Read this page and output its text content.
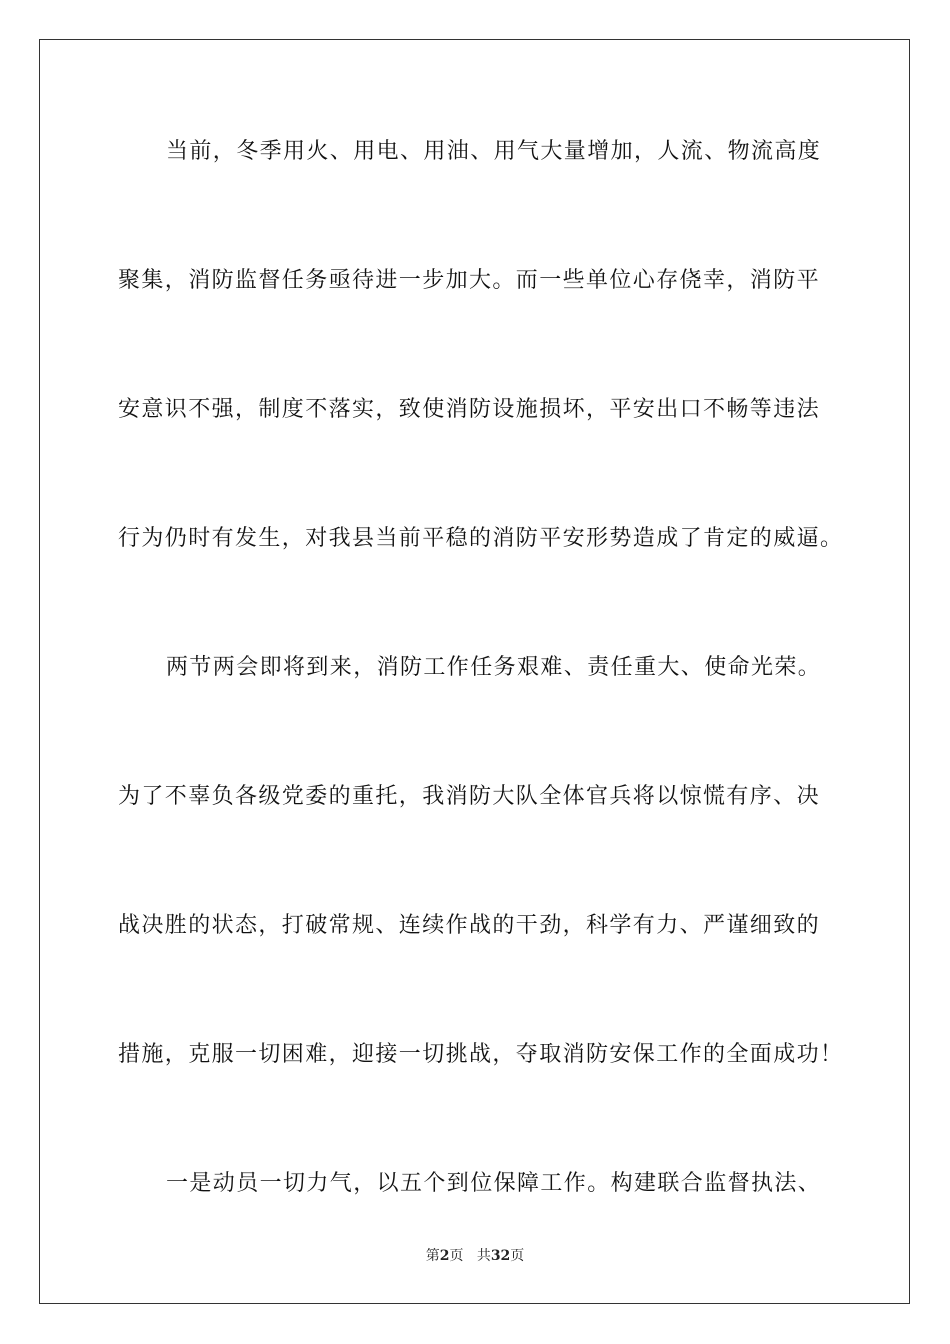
当前，冬季用火、用电、用油、用气大量增加，人流、物流高度
聚集，消防监督任务亟待进一步加大。而一些单位心存侥幸，消防平
安意识不强，制度不落实，致使消防设施损坏，平安出口不畅等违法
行为仍时有发生，对我县当前平稳的消防平安形势造成了肯定的威逼。
两节两会即将到来，消防工作任务艰难、责任重大、使命光荣。
为了不辜负各级党委的重托，我消防大队全体官兵将以惊慌有序、决
战决胜的状态，打破常规、连续作战的干劲，科学有力、严谨细致的
措施，克服一切困难，迎接一切挑战，夺取消防安保工作的全面成功！
一是动员一切力气，以五个到位保障工作。构建联合监督执法、
第2页 共32页
